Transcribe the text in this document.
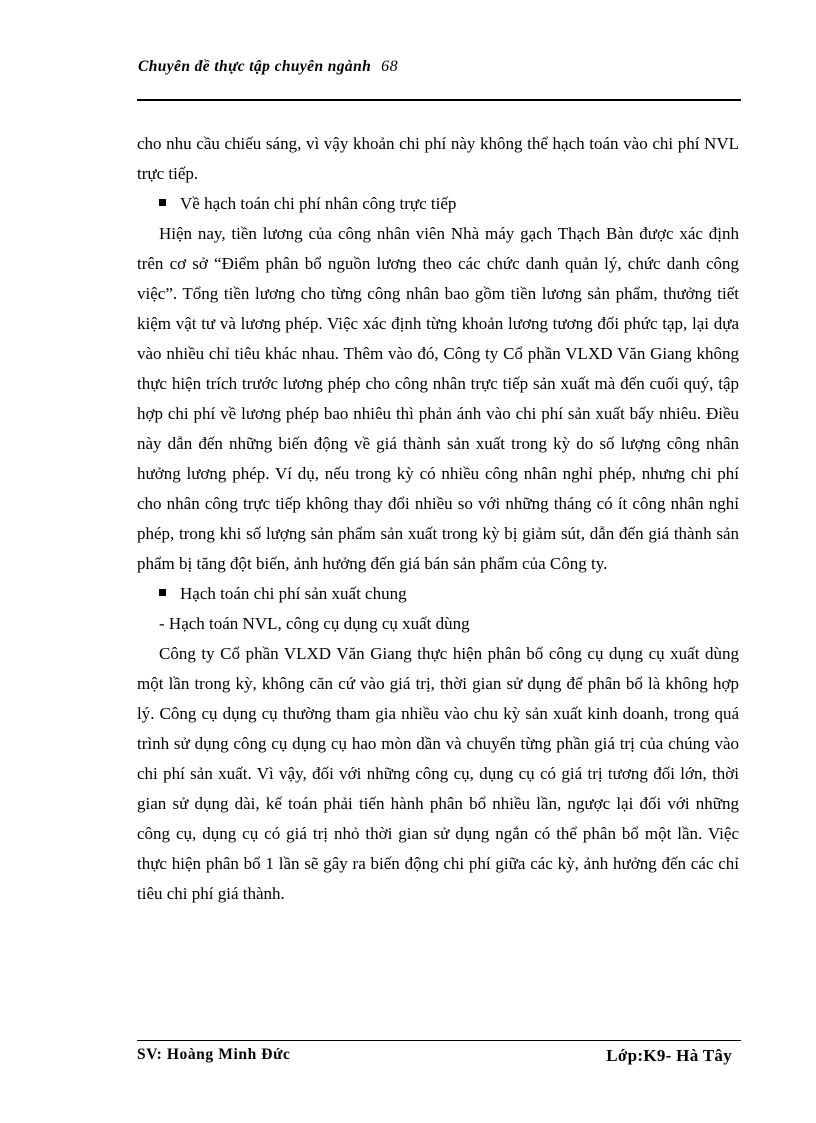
Chuyên đề thực tập chuyên ngành 68

cho nhu cầu chiếu sáng, vì vậy khoản chi phí này không thể hạch toán vào chi phí NVL trực tiếp.

Về hạch toán chi phí nhân công trực tiếp

Hiện nay, tiền lương của công nhân viên Nhà máy gạch Thạch Bàn được xác định trên cơ sở “Điểm phân bổ nguồn lương theo các chức danh quản lý, chức danh công việc”. Tổng tiền lương cho từng công nhân bao gồm tiền lương sản phẩm, thưởng tiết kiệm vật tư và lương phép. Việc xác định từng khoản lương tương đối phức tạp, lại dựa vào nhiều chỉ tiêu khác nhau. Thêm vào đó, Công ty Cổ phần VLXD Văn Giang không thực hiện trích trước lương phép cho công nhân trực tiếp sản xuất mà đến cuối quý, tập hợp chi phí về lương phép bao nhiêu thì phản ánh vào chi phí sản xuất bấy nhiêu. Điều này dẫn đến những biến động về giá thành sản xuất trong kỳ do số lượng công nhân hưởng lương phép. Ví dụ, nếu trong kỳ có nhiều công nhân nghỉ phép, nhưng chi phí cho nhân công trực tiếp không thay đổi nhiều so với những tháng có ít công nhân nghỉ phép, trong khi số lượng sản phẩm sản xuất trong kỳ bị giảm sút, dẫn đến giá thành sản phẩm bị tăng đột biến, ảnh hưởng đến giá bán sản phẩm của Công ty.

Hạch toán chi phí sản xuất chung

- Hạch toán NVL, công cụ dụng cụ xuất dùng

Công ty Cổ phần VLXD Văn Giang thực hiện phân bổ công cụ dụng cụ xuất dùng một lần trong kỳ, không căn cứ vào giá trị, thời gian sử dụng để phân bổ là không hợp lý. Công cụ dụng cụ thường tham gia nhiều vào chu kỳ sản xuất kinh doanh, trong quá trình sử dụng công cụ dụng cụ hao mòn dần và chuyển từng phần giá trị của chúng vào chi phí sản xuất. Vì vậy, đối với những công cụ, dụng cụ có giá trị tương đối lớn, thời gian sử dụng dài, kế toán phải tiến hành phân bổ nhiều lần, ngược lại đối với những công cụ, dụng cụ có giá trị nhỏ thời gian sử dụng ngắn có thể phân bổ một lần. Việc thực hiện phân bổ 1 lần sẽ gây ra biến động chi phí giữa các kỳ, ảnh hưởng đến các chỉ tiêu chi phí giá thành.

SV: Hoàng Minh Đức	Lớp:K9- Hà Tây
